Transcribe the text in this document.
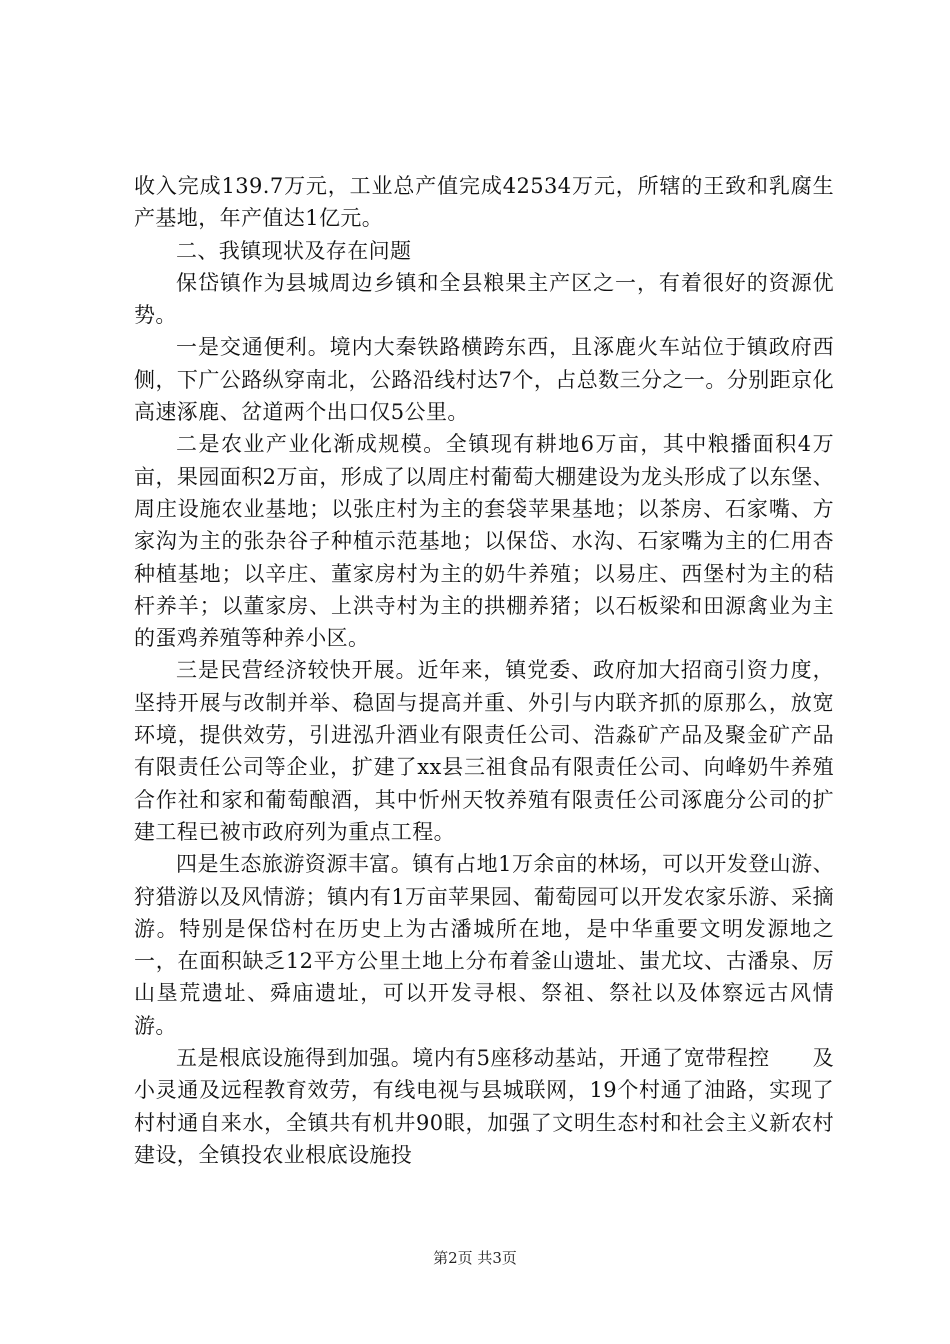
收入完成139.7万元，工业总产值完成42534万元，所辖的王致和乳腐生产基地，年产值达1亿元。

二、我镇现状及存在问题

保岱镇作为县城周边乡镇和全县粮果主产区之一，有着很好的资源优势。

一是交通便利。境内大秦铁路横跨东西，且涿鹿火车站位于镇政府西侧，下广公路纵穿南北，公路沿线村达7个，占总数三分之一。分别距京化高速涿鹿、岔道两个出口仅5公里。

二是农业产业化渐成规模。全镇现有耕地6万亩，其中粮播面积4万亩，果园面积2万亩，形成了以周庄村葡萄大棚建设为龙头形成了以东堡、周庄设施农业基地；以张庄村为主的套袋苹果基地；以茶房、石家嘴、方家沟为主的张杂谷子种植示范基地；以保岱、水沟、石家嘴为主的仁用杏种植基地；以辛庄、董家房村为主的奶牛养殖；以易庄、西堡村为主的秸杆养羊；以董家房、上洪寺村为主的拱棚养猪；以石板梁和田源禽业为主的蛋鸡养殖等种养小区。

三是民营经济较快开展。近年来，镇党委、政府加大招商引资力度，坚持开展与改制并举、稳固与提高并重、外引与内联齐抓的原那么，放宽环境，提供效劳，引进泓升酒业有限责任公司、浩淼矿产品及聚金矿产品有限责任公司等企业，扩建了xx县三祖食品有限责任公司、向峰奶牛养殖合作社和家和葡萄酿酒，其中忻州天牧养殖有限责任公司涿鹿分公司的扩建工程已被市政府列为重点工程。

四是生态旅游资源丰富。镇有占地1万余亩的林场，可以开发登山游、狩猎游以及风情游；镇内有1万亩苹果园、葡萄园可以开发农家乐游、采摘游。特别是保岱村在历史上为古潘城所在地，是中华重要文明发源地之一，在面积缺乏12平方公里土地上分布着釜山遗址、蚩尤坟、古潘泉、厉山垦荒遗址、舜庙遗址，可以开发寻根、祭祖、祭社以及体察远古风情游。

五是根底设施得到加强。境内有5座移动基站，开通了宽带程控　　及小灵通及远程教育效劳，有线电视与县城联网，19个村通了油路，实现了村村通自来水，全镇共有机井90眼，加强了文明生态村和社会主义新农村建设，全镇投农业根底设施投

第2页 共3页
